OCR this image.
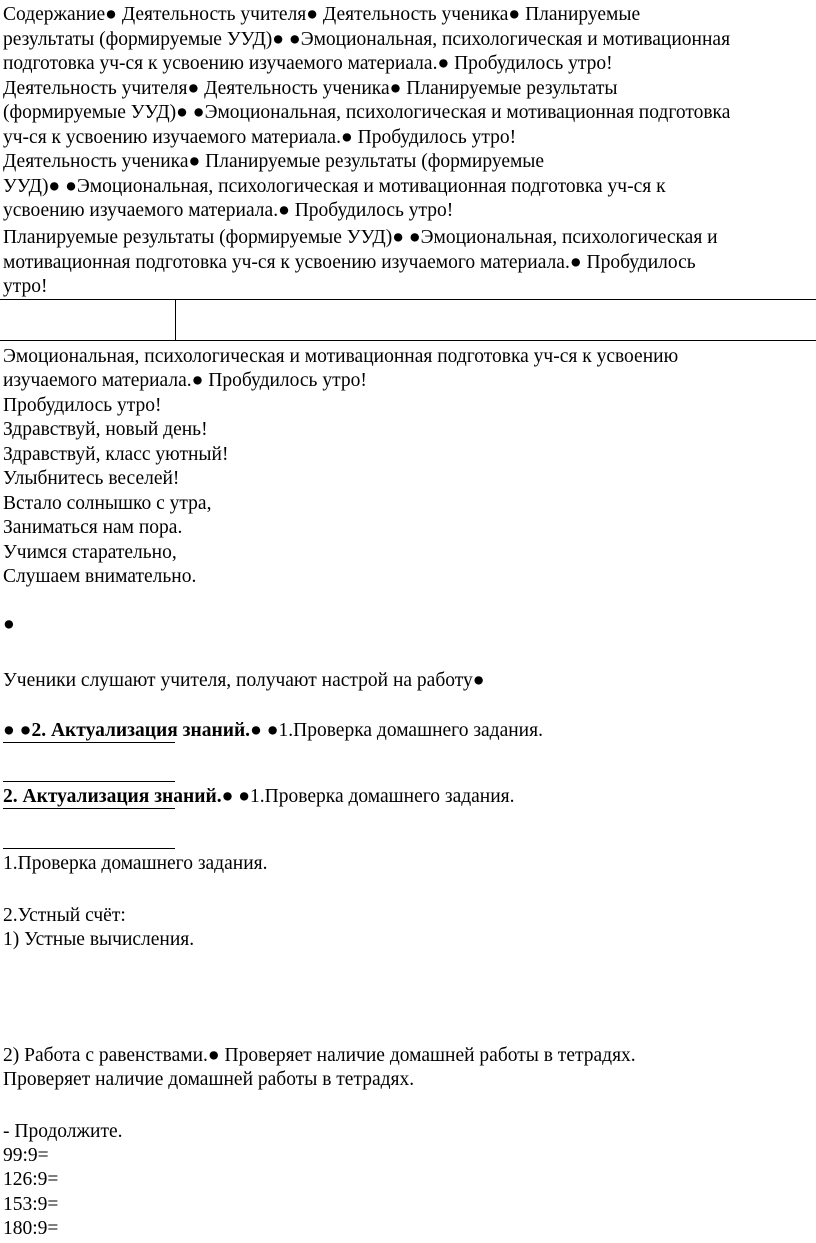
Содержание● Деятельность учителя● Деятельность ученика● Планируемые
результаты (формируемые УУД)● ●Эмоциональная, психологическая и мотивационная
подготовка уч-ся к усвоению изучаемого материала.● Пробудилось утро!
Деятельность учителя● Деятельность ученика● Планируемые результаты
(формируемые УУД)● ●Эмоциональная, психологическая и мотивационная подготовка
уч-ся к усвоению изучаемого материала.● Пробудилось утро!
Деятельность ученика● Планируемые результаты (формируемые
УУД)● ●Эмоциональная, психологическая и мотивационная подготовка уч-ся к
усвоению изучаемого материала.● Пробудилось утро!
Планируемые результаты (формируемые УУД)● ●Эмоциональная, психологическая и
мотивационная подготовка уч-ся к усвоению изучаемого материала.● Пробудилось
утро!
Эмоциональная, психологическая и мотивационная подготовка уч-ся к усвоению
изучаемого материала.● Пробудилось утро!
Пробудилось утро!
Здравствуй, новый день!
Здравствуй, класс уютный!
Улыбнитесь веселей!
Встало солнышко с утра,
Заниматься нам пора.
Учимся старательно,
Слушаем внимательно.
●
Ученики слушают учителя, получают настрой на работу●
● ●2. Актуализация знаний.● ●1.Проверка домашнего задания.
2. Актуализация знаний.● ●1.Проверка домашнего задания.
1.Проверка домашнего задания.
2.Устный счёт:
1) Устные вычисления.
2) Работа с равенствами.● Проверяет наличие домашней работы в тетрадях.
Проверяет наличие домашней работы в тетрадях.
- Продолжите.
99:9=
126:9=
153:9=
180:9=
